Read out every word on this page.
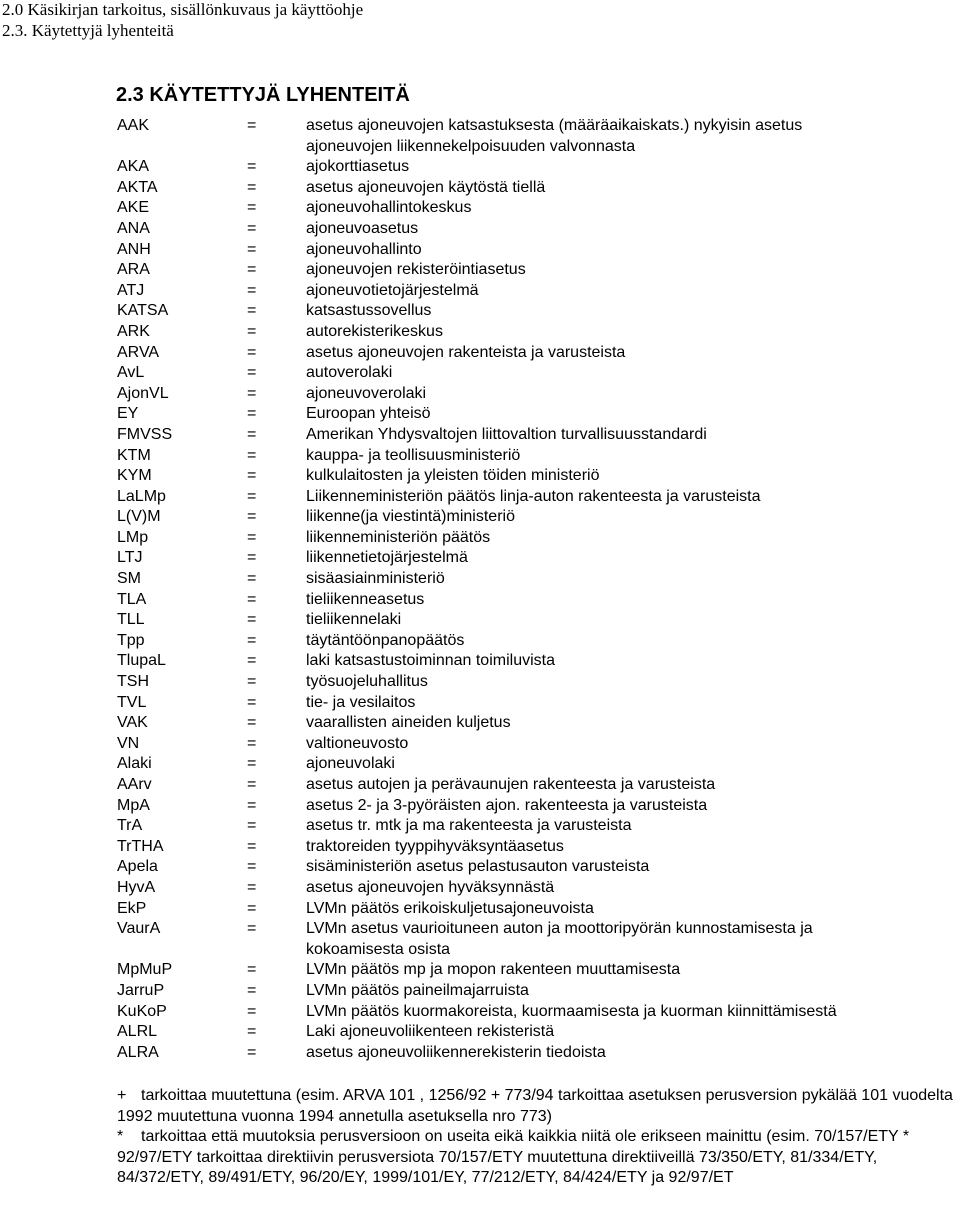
2.0 Käsikirjan tarkoitus, sisällönkuvaus ja käyttöohje
2.3. Käytettyjä lyhenteitä
2.3 KÄYTETTYJÄ LYHENTEITÄ
AAK	=	asetus ajoneuvojen katsastuksesta (määräaikaiskats.) nykyisin asetus
ajoneuvojen liikennekelpoisuuden valvonnasta
AKA	=	ajokorttiasetus
AKTA	=	asetus ajoneuvojen käytöstä tiellä
AKE	=	ajoneuvohallintokeskus
ANA	=	ajoneuvoasetus
ANH	=	ajoneuvohallinto
ARA	=	ajoneuvojen rekisteröintiasetus
ATJ	=	ajoneuvotietojärjestelmä
KATSA	=	katsastussovellus
ARK	=	autorekisterikeskus
ARVA	=	asetus ajoneuvojen rakenteista ja varusteista
AvL	=	autoverolaki
AjonVL	=	ajoneuvoverolaki
EY	=	Euroopan yhteisö
FMVSS	=	Amerikan Yhdysvaltojen liittovaltion turvallisuusstandardi
KTM	=	kauppa- ja teollisuusministeriö
KYM	=	kulkulaitosten ja yleisten töiden ministeriö
LaLMp	=	Liikenneministeriön päätös linja-auton rakenteesta ja varusteista
L(V)M	=	liikenne(ja viestintä)ministeriö
LMp	=	liikenneministeriön päätös
LTJ	=	liikennetietojärjestelmä
SM	=	sisäasiainministeriö
TLA	=	tieliikenneasetus
TLL	=	tieliikennelaki
Tpp	=	täytäntöönpanopäätös
TlupaL	=	laki katsastustoiminnan toimiluvista
TSH	=	työsuojeluhallitus
TVL	=	tie- ja vesilaitos
VAK	=	vaarallisten aineiden kuljetus
VN	=	valtioneuvosto
Alaki	=	ajoneuvolaki
AArv	=	asetus autojen ja perävaunujen rakenteesta ja varusteista
MpA	=	asetus 2- ja 3-pyöräisten ajon. rakenteesta ja varusteista
TrA	=	asetus tr. mtk ja ma rakenteesta ja varusteista
TrTHA	=	traktoreiden tyyppihyväksyntäasetus
Apela	=	sisäministeriön asetus pelastusauton varusteista
HyvA	=	asetus ajoneuvojen hyväksynnästä
EkP	=	LVMn päätös erikoiskuljetusajoneuvoista
VaurA	=	LVMn asetus vaurioituneen auton ja moottoripyörän kunnostamisesta ja
kokoamisesta osista
MpMuP	=	LVMn päätös mp ja mopon rakenteen muuttamisesta
JarruP	=	LVMn päätös paineilmajarruista
KuKoP	=	LVMn päätös kuormakoreista, kuormaamisesta ja kuorman kiinnittämisestä
ALRL	=	Laki ajoneuvoliikenteen rekisteristä
ALRA	=	asetus ajoneuvoliikennerekisterin tiedoista
+ tarkoittaa muutettuna (esim. ARVA 101 , 1256/92 + 773/94 tarkoittaa asetuksen perusversion pykälää 101 vuodelta 1992 muutettuna vuonna 1994 annetulla asetuksella nro 773)
* tarkoittaa että muutoksia perusversioon on useita eikä kaikkia niitä ole erikseen mainittu (esim. 70/157/ETY * 92/97/ETY tarkoittaa direktiivin perusversiota 70/157/ETY muutettuna direktiiveillä 73/350/ETY, 81/334/ETY, 84/372/ETY, 89/491/ETY, 96/20/EY, 1999/101/EY, 77/212/ETY, 84/424/ETY ja 92/97/ET
